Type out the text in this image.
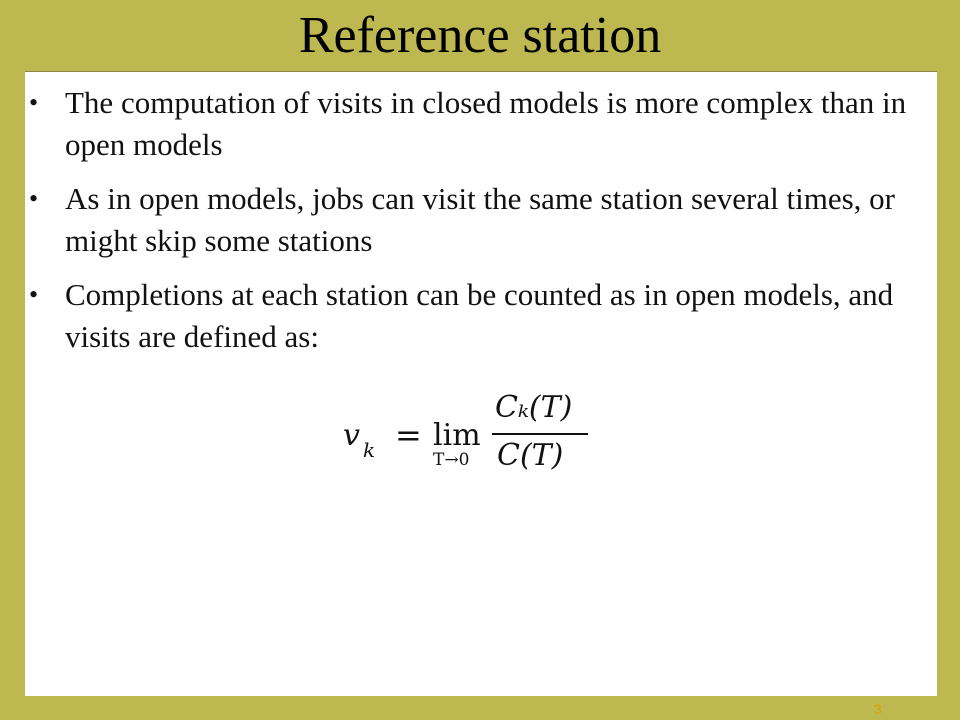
Reference station
• The computation of visits in closed models is more complex than in open models
• As in open models, jobs can visit the same station several times, or might skip some stations
• Completions at each station can be counted as in open models, and visits are defined as:
v k = lim
T→0
Cₖ(T)
C(T)
3
